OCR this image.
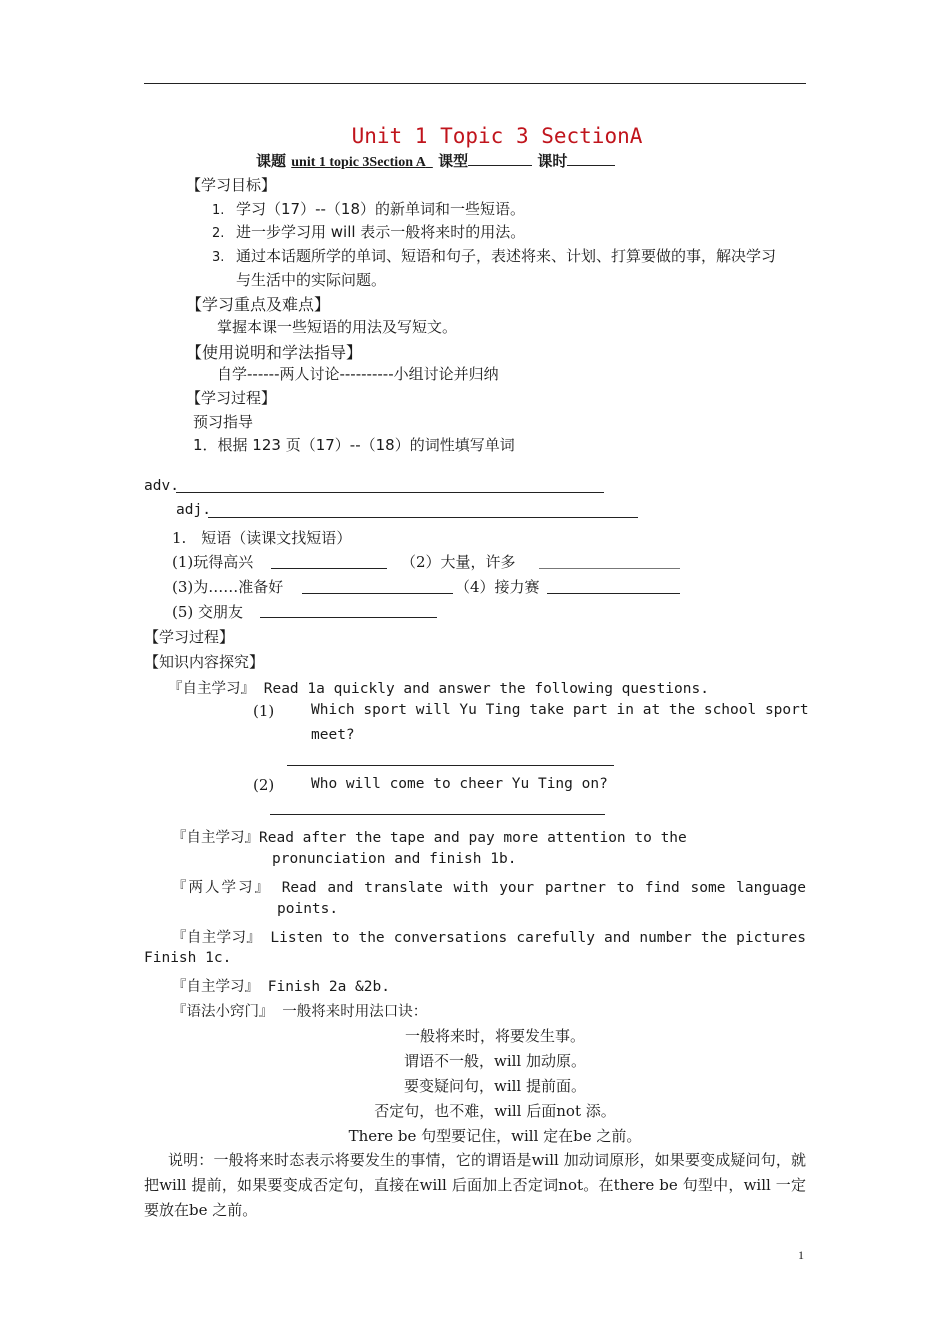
Unit 1 Topic 3 SectionA
课题 unit 1 topic 3Section A 课型	课时
【学习目标】
1. 学习（17）--（18）的新单词和一些短语。
2. 进一步学习用 will 表示一般将来时的用法。
3. 通过本话题所学的单词、短语和句子，表述将来、计划、打算要做的事，解决学习
与生活中的实际问题。
【学习重点及难点】
掌握本课一些短语的用法及写短文。
【使用说明和学法指导】
自学------两人讨论----------小组讨论并归纳
【学习过程】
预习指导
1．根据 123 页（17）--（18）的词性填写单词
adv.
adj.
1.　短语（读课文找短语）
(1)玩得高兴	（2）大量，许多
(3)为……准备好	（4）接力赛
(5) 交朋友
【学习过程】
【知识内容探究】
『自主学习』 Read 1a quickly and answer the following questions.
(1)	Which sport will Yu Ting take part in at the school sport
meet?
(2)	Who will come to cheer Yu Ting on?
『自主学习』Read after the tape and pay more attention to the
pronunciation and finish 1b.
『两人学习』 Read and translate with your partner to find some language
points.
『自主学习』 Listen to the conversations carefully and number the pictures
Finish 1c.
『自主学习』 Finish 2a &2b.
『语法小窍门』 一般将来时用法口诀：
一般将来时，将要发生事。
谓语不一般，will 加动原。
要变疑问句，will 提前面。
否定句，也不难，will 后面not 添。
There be 句型要记住，will 定在be 之前。
说明：一般将来时态表示将要发生的事情，它的谓语是will 加动词原形，如果要变成疑问句，就把will 提前，如果要变成否定句，直接在will 后面加上否定词not。在there be 句型中，will 一定要放在be 之前。
1
